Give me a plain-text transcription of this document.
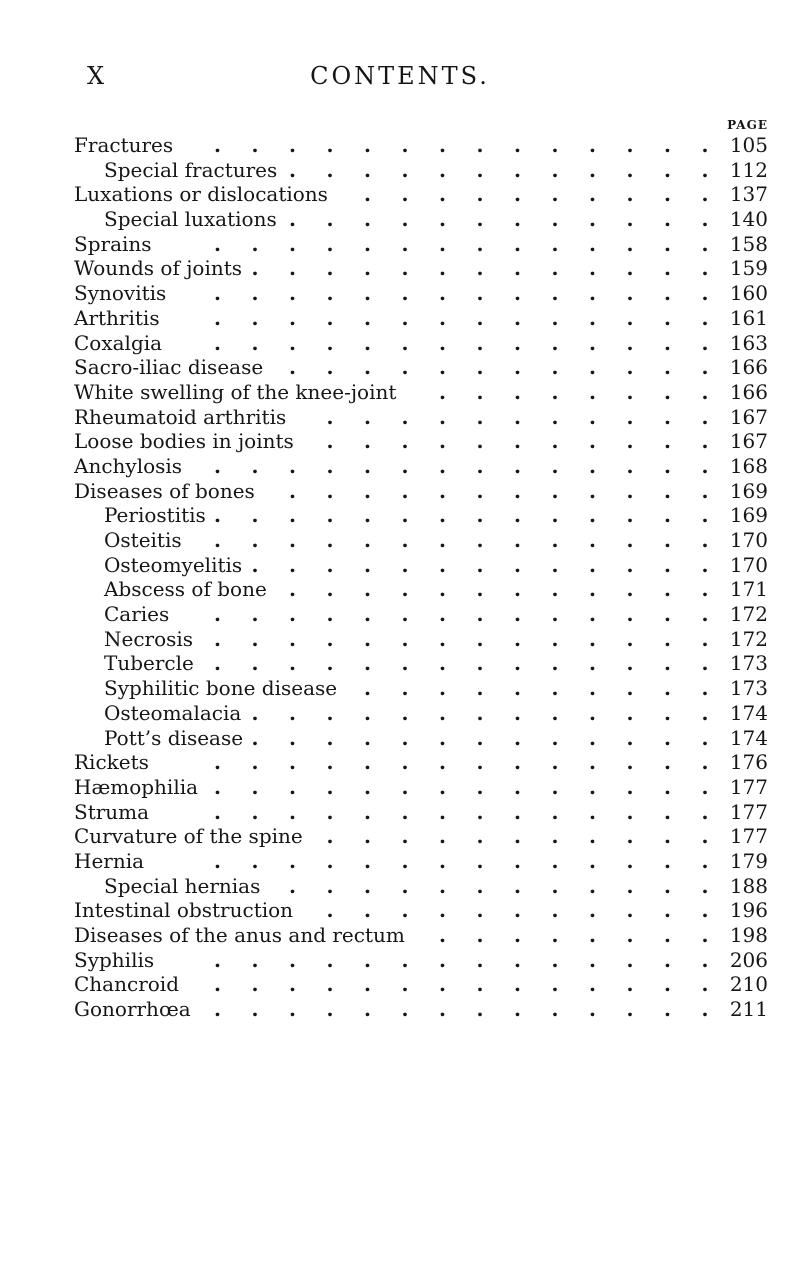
X	CONTENTS.
PAGE
Fractures . . . . . . . . . . . . . . 105
Special fractures . . . . . . . . . . . . 112
Luxations or dislocations . . . . . . . . . . 137
Special luxations . . . . . . . . . . . . 140
Sprains	. . . . . . . . . . . . . . 158
Wounds of joints . . . . . . . . . . . . . 159
Synovitis . . . . . . . . . . . . . . 160
Arthritis	. . . . . . . . . . . . . . 161
Coxalgia	. . . . . . . . . . . . . . 163
Sacro-iliac disease . . . . . . . . . . . . 166
White swelling of the knee-joint . . . . . . . . 166
Rheumatoid arthritis . . . . . . . . . . . 167
Loose bodies in joints . . . . . . . . . . . 167
Anchylosis . . . . . . . . . . . . . . 168
Diseases of bones . . . . . . . . . . . . 169
Periostitis . . . . . . . . . . . . . . 169
Osteitis . . . . . . . . . . . . . . 170
Osteomyelitis . . . . . . . . . . . . . 170
Abscess of bone . . . . . . . . . . . . 171
Caries . . . . . . . . . . . . . . 172
Necrosis . . . . . . . . . . . . . . 172
Tubercle . . . . . . . . . . . . . . 173
Syphilitic bone disease . . . . . . . . . . 173
Osteomalacia . . . . . . . . . . . . . 174
Pott’s disease . . . . . . . . . . . . . 174
Rickets	. . . . . . . . . . . . . . 176
Hæmophilia . . . . . . . . . . . . . . 177
Struma	. . . . . . . . . . . . . . 177
Curvature of the spine . . . . . . . . . . . 177
Hernia	. . . . . . . . . . . . . . 179
Special hernias . . . . . . . . . . . . 188
Intestinal obstruction . . . . . . . . . . . 196
Diseases of the anus and rectum . . . . . . . . 198
Syphilis	. . . . . . . . . . . . . . 206
Chancroid . . . . . . . . . . . . . . 210
Gonorrhœa . . . . . . . . . . . . . . 211
